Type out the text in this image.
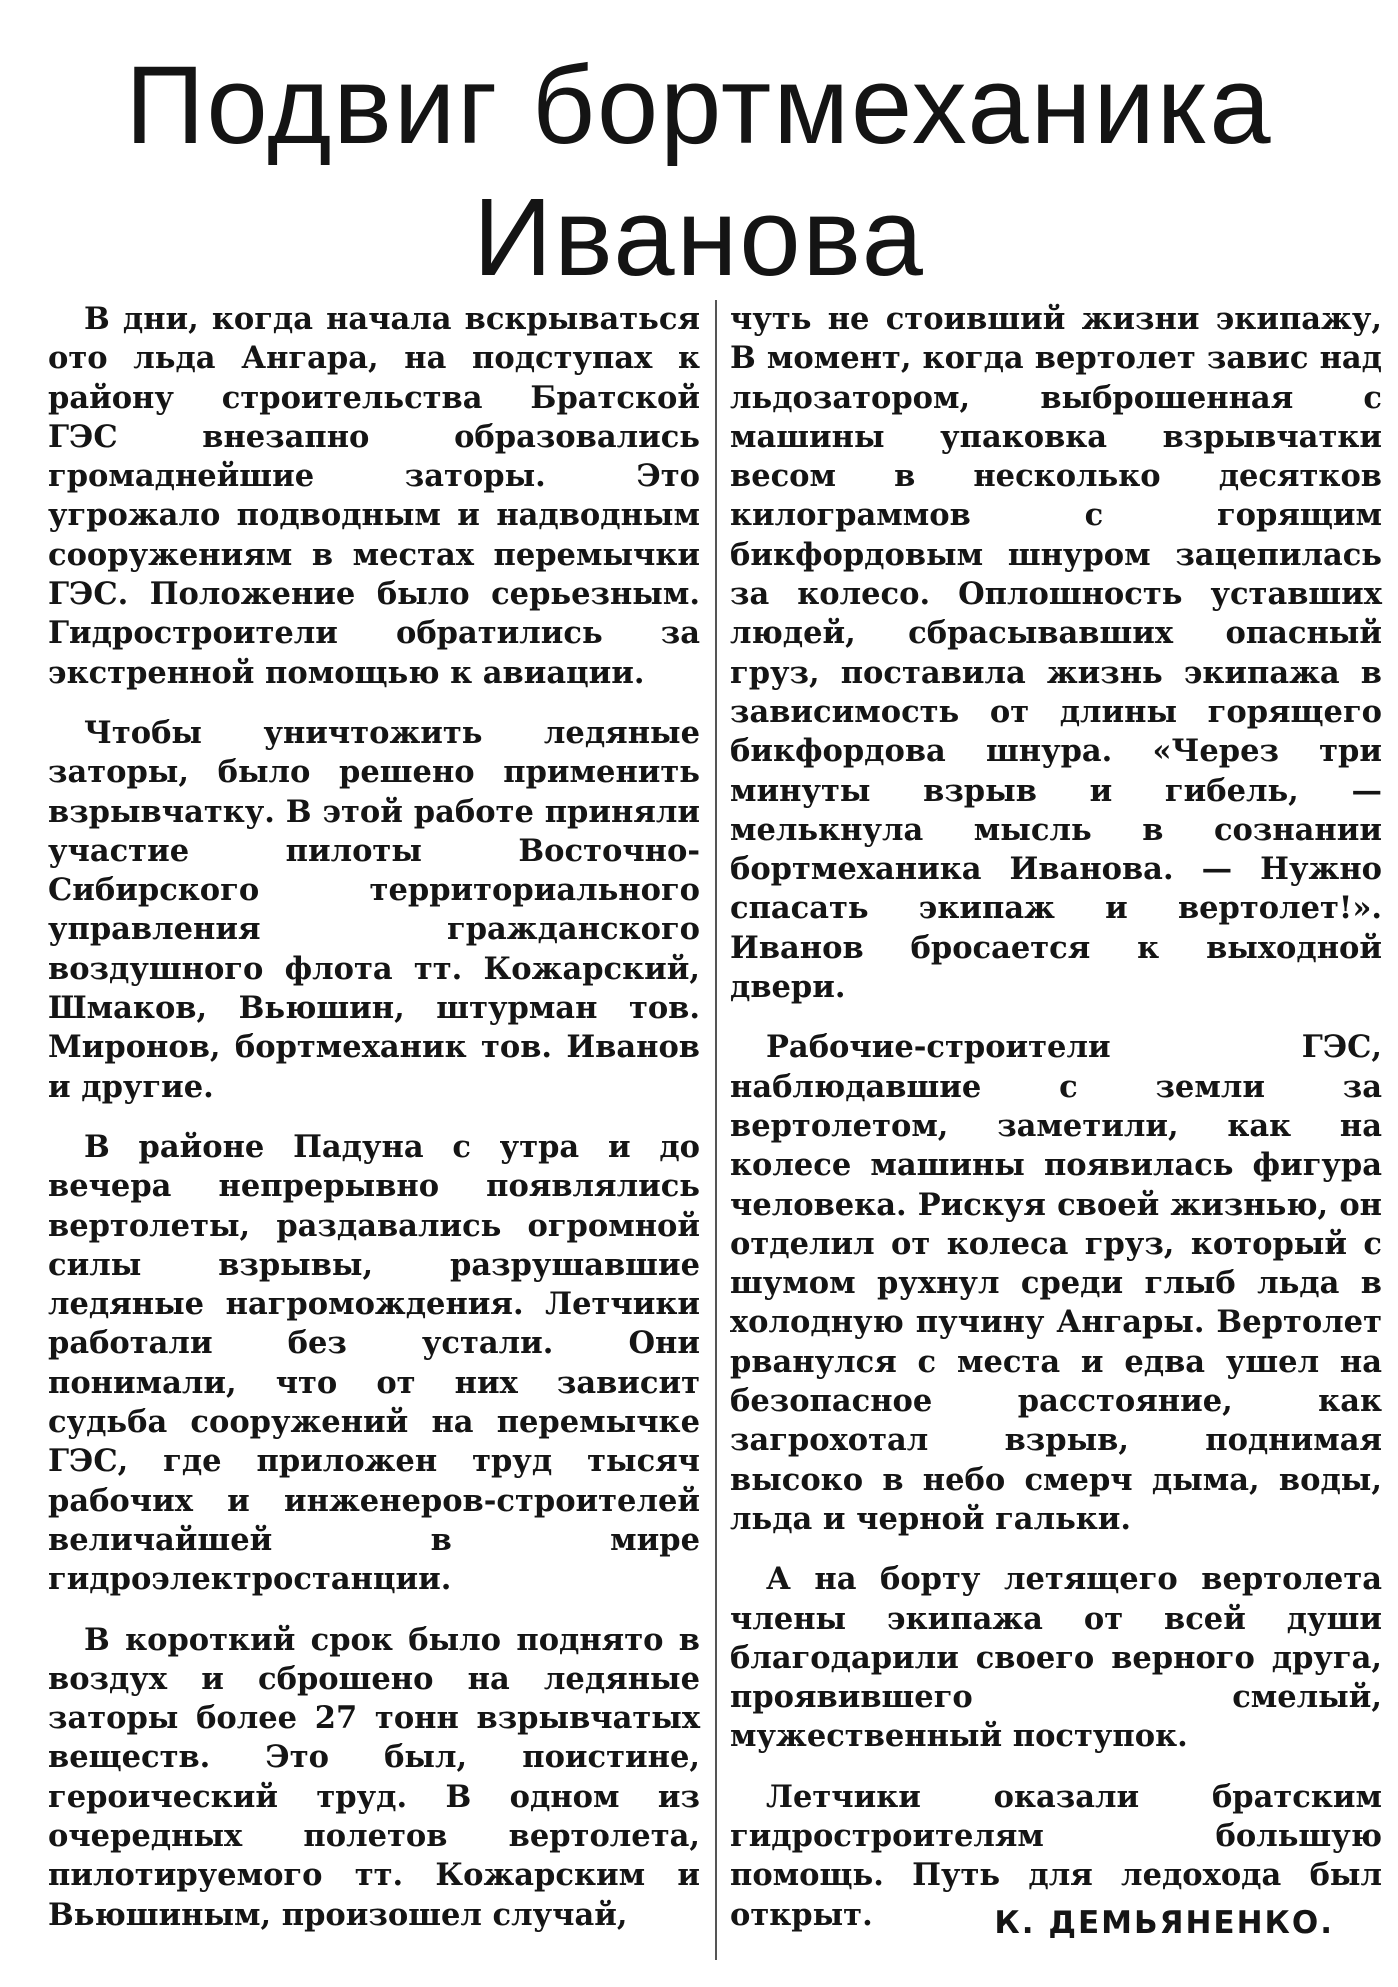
Подвиг бортмеханика Иванова

В дни, когда начала вскрываться ото льда Ангара, на подступах к району строительства Братской ГЭС внезапно образовались громаднейшие заторы. Это угрожало подводным и надводным сооружениям в местах перемычки ГЭС. Положение было серьезным. Гидростроители обратились за экстренной помощью к авиации.

Чтобы уничтожить ледяные заторы, было решено применить взрывчатку. В этой работе приняли участие пилоты Восточно-Сибирского территориального управления гражданского воздушного флота тт. Кожарский, Шмаков, Вьюшин, штурман тов. Миронов, бортмеханик тов. Иванов и другие.

В районе Падуна с утра и до вечера непрерывно появлялись вертолеты, раздавались огромной силы взрывы, разрушавшие ледяные нагромождения. Летчики работали без устали. Они понимали, что от них зависит судьба сооружений на перемычке ГЭС, где приложен труд тысяч рабочих и инженеров-строителей величайшей в мире гидроэлектростанции.

В короткий срок было поднято в воздух и сброшено на ледяные заторы более 27 тонн взрывчатых веществ. Это был, поистине, героический труд. В одном из очередных полетов вертолета, пилотируемого тт. Кожарским и Вьюшиным, произошел случай,

чуть не стоивший жизни экипажу, В момент, когда вертолет завис над льдозатором, выброшенная с машины упаковка взрывчатки весом в несколько десятков килограммов с горящим бикфордовым шнуром зацепилась за колесо. Оплошность уставших людей, сбрасывавших опасный груз, поставила жизнь экипажа в зависимость от длины горящего бикфордова шнура. «Через три минуты взрыв и гибель, — мелькнула мысль в сознании бортмеханика Иванова. — Нужно спасать экипаж и вертолет!». Иванов бросается к выходной двери.

Рабочие-строители ГЭС, наблюдавшие с земли за вертолетом, заметили, как на колесе машины появилась фигура человека. Рискуя своей жизнью, он отделил от колеса груз, который с шумом рухнул среди глыб льда в холодную пучину Ангары. Вертолет рванулся с места и едва ушел на безопасное расстояние, как загрохотал взрыв, поднимая высоко в небо смерч дыма, воды, льда и черной гальки.

А на борту летящего вертолета члены экипажа от всей души благодарили своего верного друга, проявившего смелый, мужественный поступок.

Летчики оказали братским гидростроителям большую помощь. Путь для ледохода был открыт.	К. ДЕМЬЯНЕНКО.
